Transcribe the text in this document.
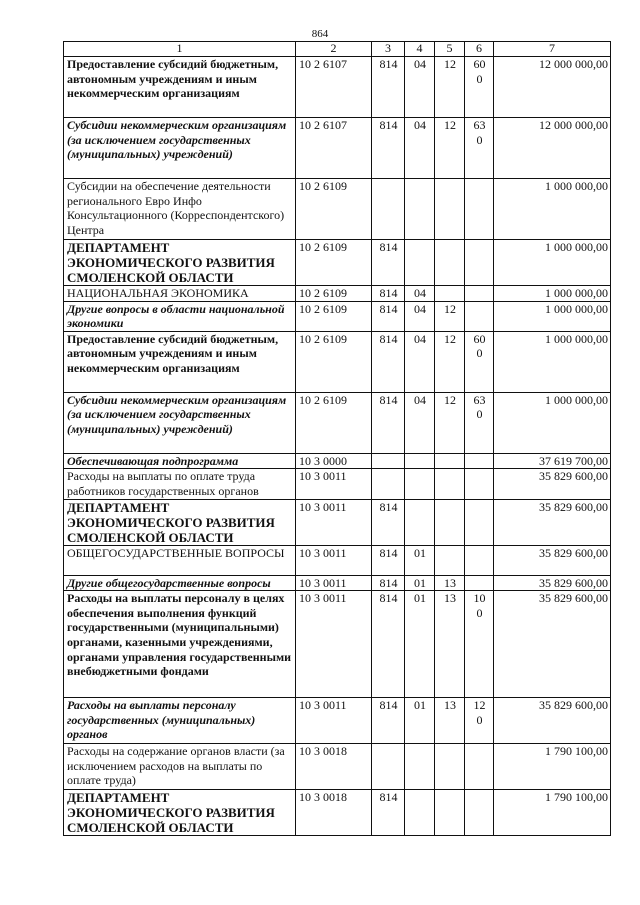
864
1	2	3	4	5	6	7
Предоставление субсидий бюджетным, автономным учреждениям и иным некоммерческим организациям	10 2 6107	814	04	12	600	12 000 000,00
Субсидии некоммерческим организациям (за исключением государственных (муниципальных) учреждений)	10 2 6107	814	04	12	630	12 000 000,00
Субсидии на обеспечение деятельности регионального Евро Инфо Консультационного (Корреспондентского) Центра	10 2 6109					1 000 000,00
ДЕПАРТАМЕНТ ЭКОНОМИЧЕСКОГО РАЗВИТИЯ СМОЛЕНСКОЙ ОБЛАСТИ	10 2 6109	814				1 000 000,00
НАЦИОНАЛЬНАЯ ЭКОНОМИКА	10 2 6109	814	04			1 000 000,00
Другие вопросы в области национальной экономики	10 2 6109	814	04	12		1 000 000,00
Предоставление субсидий бюджетным, автономным учреждениям и иным некоммерческим организациям	10 2 6109	814	04	12	600	1 000 000,00
Субсидии некоммерческим организациям (за исключением государственных (муниципальных) учреждений)	10 2 6109	814	04	12	630	1 000 000,00
Обеспечивающая подпрограмма	10 3 0000					37 619 700,00
Расходы на выплаты по оплате труда работников государственных органов	10 3 0011					35 829 600,00
ДЕПАРТАМЕНТ ЭКОНОМИЧЕСКОГО РАЗВИТИЯ СМОЛЕНСКОЙ ОБЛАСТИ	10 3 0011	814				35 829 600,00
ОБЩЕГОСУДАРСТВЕННЫЕ ВОПРОСЫ	10 3 0011	814	01			35 829 600,00
Другие общегосударственные вопросы	10 3 0011	814	01	13		35 829 600,00
Расходы на выплаты персоналу в целях обеспечения выполнения функций государственными (муниципальными) органами, казенными учреждениями, органами управления государственными внебюджетными фондами	10 3 0011	814	01	13	100	35 829 600,00
Расходы на выплаты персоналу государственных (муниципальных) органов	10 3 0011	814	01	13	120	35 829 600,00
Расходы на содержание органов власти (за исключением расходов на выплаты по оплате труда)	10 3 0018					1 790 100,00
ДЕПАРТАМЕНТ ЭКОНОМИЧЕСКОГО РАЗВИТИЯ СМОЛЕНСКОЙ ОБЛАСТИ	10 3 0018	814				1 790 100,00
